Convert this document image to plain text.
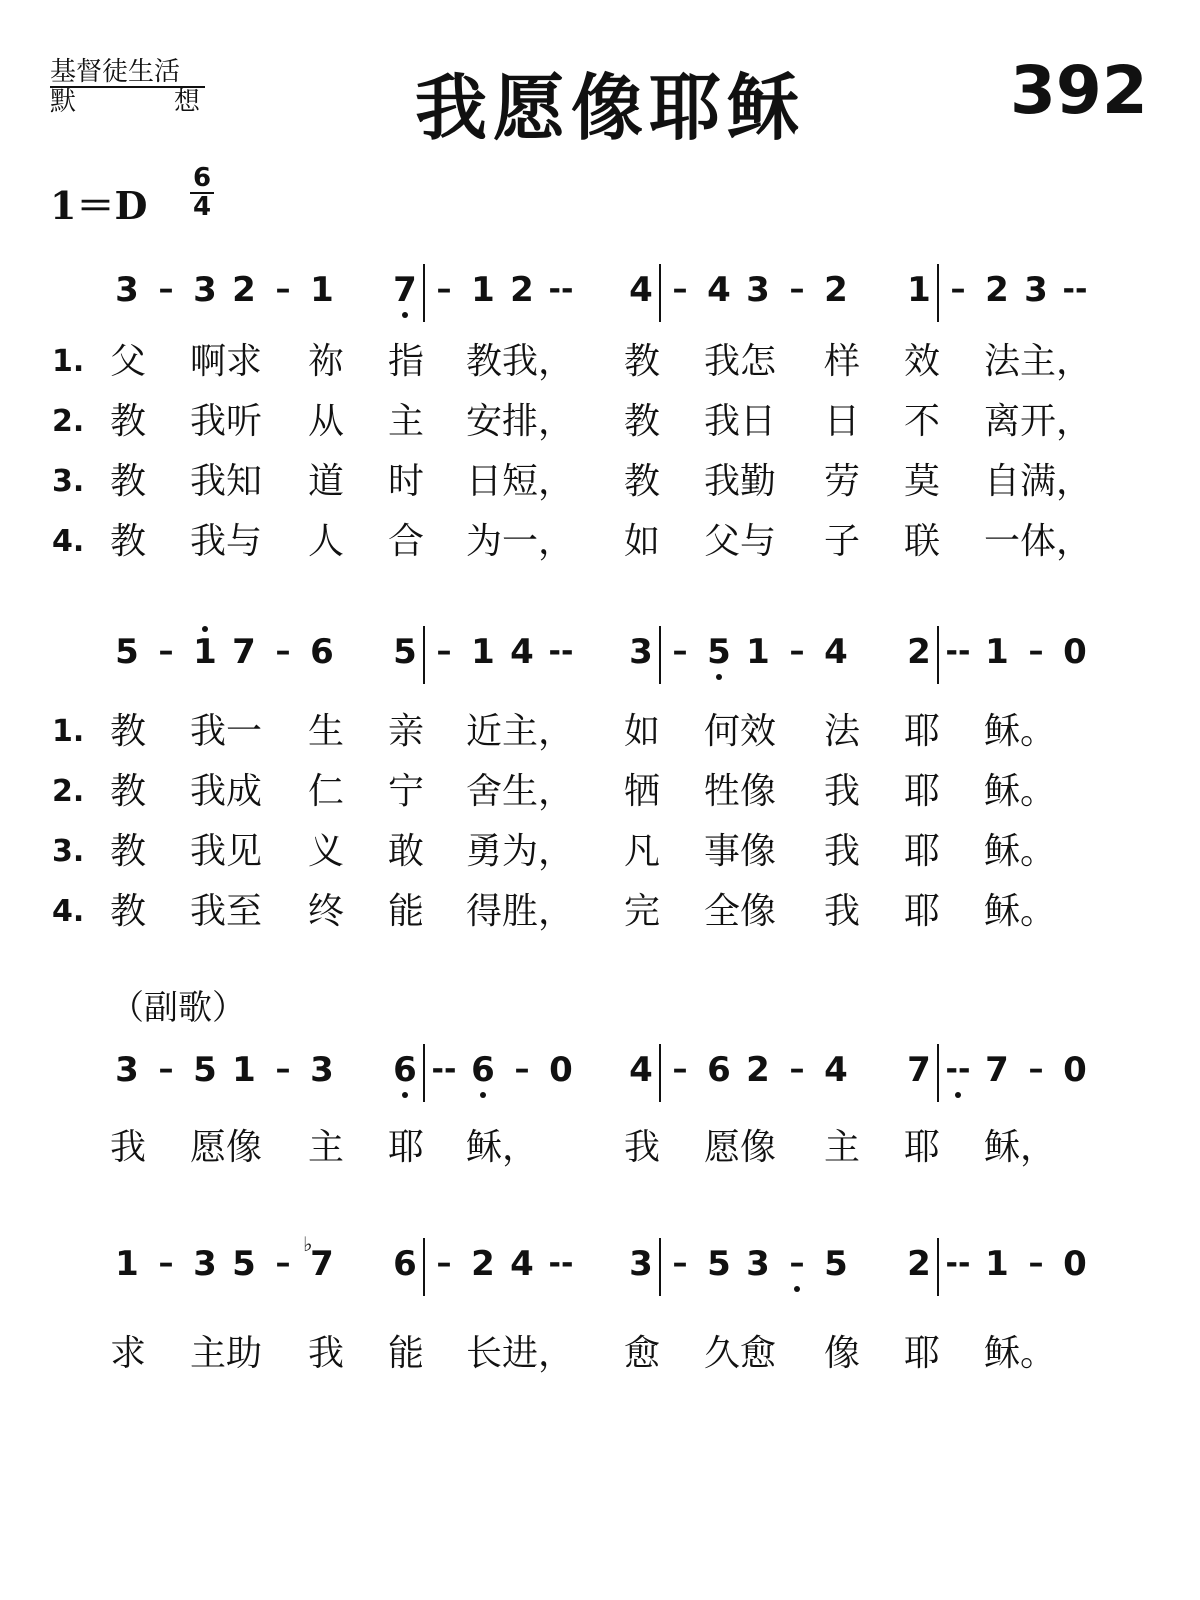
基督徒生活
默	想	我愿像耶稣	392
1＝D
6
4
（副歌）
3 – 3 2 – 1 7 – 1 2 -- 4 – 4 3 – 2 1 – 2 3 --
1. 父 啊求 祢 指 教我， 教 我怎 样 效 法主，
2. 教 我听 从 主 安排， 教 我日 日 不 离开，
3. 教 我知 道 时 日短， 教 我勤 劳 莫 自满，
4. 教 我与 人 合 为一， 如 父与 子 联 一体，
5 – 1 7 – 6 5 – 1 4 -- 3 – 5 1 – 4 2 -- 1 – 0
1. 教 我一 生 亲 近主， 如 何效 法 耶 稣。
2. 教 我成 仁 宁 舍生， 牺 牲像 我 耶 稣。
3. 教 我见 义 敢 勇为， 凡 事像 我 耶 稣。
4. 教 我至 终 能 得胜， 完 全像 我 耶 稣。
3 – 5 1 – 3 6 -- 6 – 0 4 – 6 2 – 4 7 -- 7 – 0
我 愿像 主 耶 稣， 我 愿像 主 耶 稣，
1 – 3 5 – 7
♭ 6 – 2 4 -- 3 – 5 3 – 5 2 -- 1 – 0
求 主助 我 能 长进， 愈 久愈 像 耶 稣。
